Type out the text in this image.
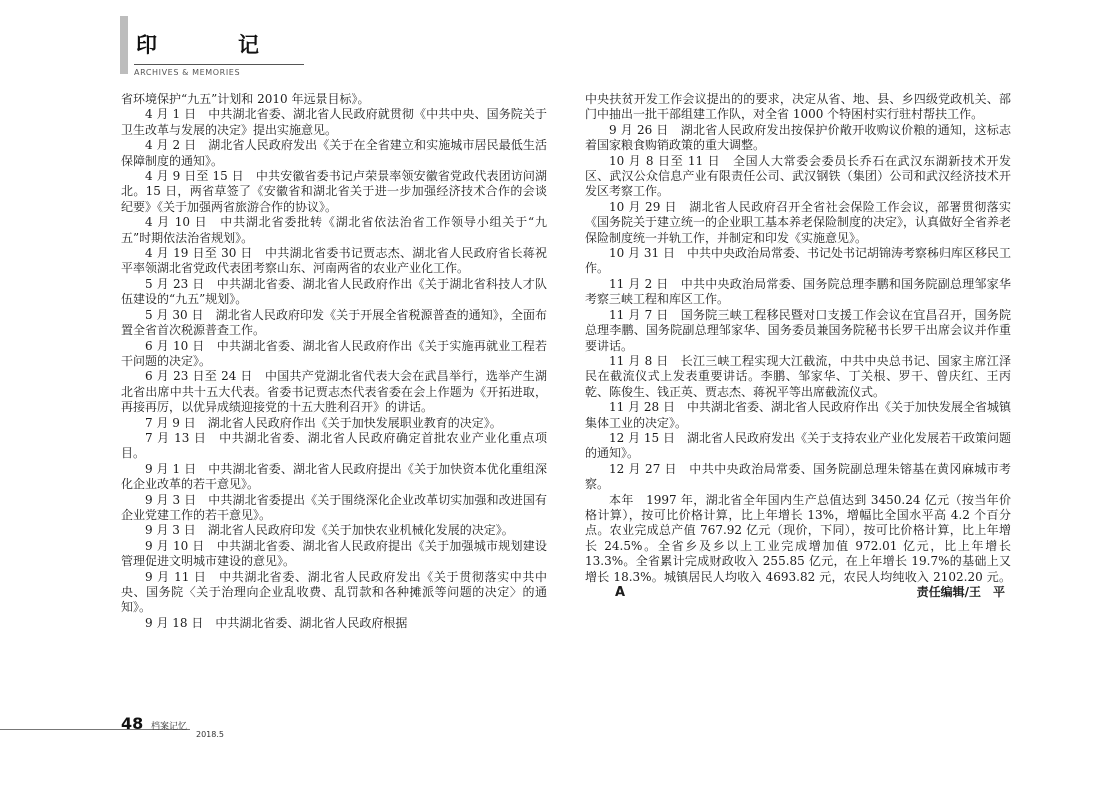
印　记
ARCHIVES & MEMORIES

省环境保护“九五”计划和 2010 年远景目标》。

4 月 1 日　中共湖北省委、湖北省人民政府就贯彻《中共中央、国务院关于卫生改革与发展的决定》提出实施意见。

4 月 2 日　湖北省人民政府发出《关于在全省建立和实施城市居民最低生活保障制度的通知》。

4 月 9 日至 15 日　中共安徽省委书记卢荣景率领安徽省党政代表团访问湖北。15 日，两省草签了《安徽省和湖北省关于进一步加强经济技术合作的会谈纪要》《关于加强两省旅游合作的协议》。

4 月 10 日　中共湖北省委批转《湖北省依法治省工作领导小组关于“九五”时期依法治省规划》。

4 月 19 日至 30 日　中共湖北省委书记贾志杰、湖北省人民政府省长蒋祝平率领湖北省党政代表团考察山东、河南两省的农业产业化工作。

5 月 23 日　中共湖北省委、湖北省人民政府作出《关于湖北省科技人才队伍建设的“九五”规划》。

5 月 30 日　湖北省人民政府印发《关于开展全省税源普查的通知》，全面布置全省首次税源普查工作。

6 月 10 日　中共湖北省委、湖北省人民政府作出《关于实施再就业工程若干问题的决定》。

6 月 23 日至 24 日　中国共产党湖北省代表大会在武昌举行，选举产生湖北省出席中共十五大代表。省委书记贾志杰代表省委在会上作题为《开拓进取，再接再厉，以优异成绩迎接党的十五大胜利召开》的讲话。

7 月 9 日　湖北省人民政府作出《关于加快发展职业教育的决定》。

7 月 13 日　中共湖北省委、湖北省人民政府确定首批农业产业化重点项目。

9 月 1 日　中共湖北省委、湖北省人民政府提出《关于加快资本优化重组深化企业改革的若干意见》。

9 月 3 日　中共湖北省委提出《关于围绕深化企业改革切实加强和改进国有企业党建工作的若干意见》。

9 月 3 日　湖北省人民政府印发《关于加快农业机械化发展的决定》。

9 月 10 日　中共湖北省委、湖北省人民政府提出《关于加强城市规划建设管理促进文明城市建设的意见》。

9 月 11 日　中共湖北省委、湖北省人民政府发出《关于贯彻落实中共中央、国务院〈关于治理向企业乱收费、乱罚款和各种摊派等问题的决定〉的通知》。

9 月 18 日　中共湖北省委、湖北省人民政府根据

中央扶贫开发工作会议提出的的要求，决定从省、地、县、乡四级党政机关、部门中抽出一批干部组建工作队，对全省 1000 个特困村实行驻村帮扶工作。

9 月 26 日　湖北省人民政府发出按保护价敞开收购议价粮的通知，这标志着国家粮食购销政策的重大调整。

10 月 8 日至 11 日　全国人大常委会委员长乔石在武汉东湖新技术开发区、武汉公众信息产业有限责任公司、武汉钢铁（集团）公司和武汉经济技术开发区考察工作。

10 月 29 日　湖北省人民政府召开全省社会保险工作会议，部署贯彻落实《国务院关于建立统一的企业职工基本养老保险制度的决定》，认真做好全省养老保险制度统一并轨工作，并制定和印发《实施意见》。

10 月 31 日　中共中央政治局常委、书记处书记胡锦涛考察秭归库区移民工作。

11 月 2 日　中共中央政治局常委、国务院总理李鹏和国务院副总理邹家华考察三峡工程和库区工作。

11 月 7 日　国务院三峡工程移民暨对口支援工作会议在宜昌召开，国务院总理李鹏、国务院副总理邹家华、国务委员兼国务院秘书长罗干出席会议并作重要讲话。

11 月 8 日　长江三峡工程实现大江截流，中共中央总书记、国家主席江泽民在截流仪式上发表重要讲话。李鹏、邹家华、丁关根、罗干、曾庆红、王丙乾、陈俊生、钱正英、贾志杰、蒋祝平等出席截流仪式。

11 月 28 日　中共湖北省委、湖北省人民政府作出《关于加快发展全省城镇集体工业的决定》。

12 月 15 日　湖北省人民政府发出《关于支持农业产业化发展若干政策问题的通知》。

12 月 27 日　中共中央政治局常委、国务院副总理朱镕基在黄冈麻城市考察。

本年　1997 年，湖北省全年国内生产总值达到 3450.24 亿元（按当年价格计算），按可比价格计算，比上年增长 13%，增幅比全国水平高 4.2 个百分点。农业完成总产值 767.92 亿元（现价，下同），按可比价格计算，比上年增长 24.5%。全省乡及乡以上工业完成增加值 972.01 亿元，比上年增长 13.3%。全省累计完成财政收入 255.85 亿元，在上年增长 19.7%的基础上又增长 18.3%。城镇居民人均收入 4693.82 元，农民人均纯收入 2102.20 元。A	责任编辑/王　平

48 档案记忆
2018.5
